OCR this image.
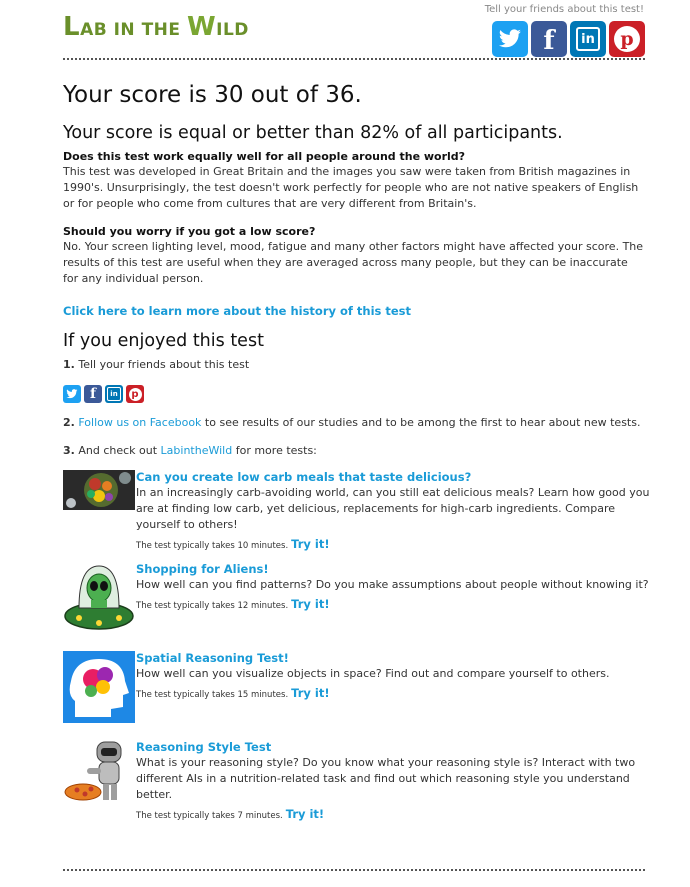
LAB IN THE WILD
Tell your friends about this test!
f	in	p
Your score is 30 out of 36.
Your score is equal or better than 82% of all participants.

Does this test work equally well for all people around the world?

This test was developed in Great Britain and the images you saw were taken from British magazines in 1990's. Unsurprisingly, the test doesn't work perfectly for people who are not native speakers of English or for people who come from cultures that are very different from Britain's.

Should you worry if you got a low score?

No. Your screen lighting level, mood, fatigue and many other factors might have affected your score. The results of this test are useful when they are averaged across many people, but they can be inaccurate for any individual person.

Click here to learn more about the history of this test
If you enjoyed this test
1. Tell your friends about this test
f	in	p
2. Follow us on Facebook to see results of our studies and to be among the first to hear about new tests.
3. And check out LabintheWild for more tests:
Can you create low carb meals that taste delicious?
In an increasingly carb-avoiding world, can you still eat delicious meals? Learn how good you are at finding low carb, yet delicious, replacements for high-carb ingredients. Compare yourself to others!
The test typically takes 10 minutes. Try it!
Shopping for Aliens!
How well can you find patterns? Do you make assumptions about people without knowing it?
The test typically takes 12 minutes. Try it!
Spatial Reasoning Test!
How well can you visualize objects in space? Find out and compare yourself to others.
The test typically takes 15 minutes. Try it!
Reasoning Style Test
What is your reasoning style? Do you know what your reasoning style is? Interact with two different AIs in a nutrition-related task and find out which reasoning style you understand better.
The test typically takes 7 minutes. Try it!
